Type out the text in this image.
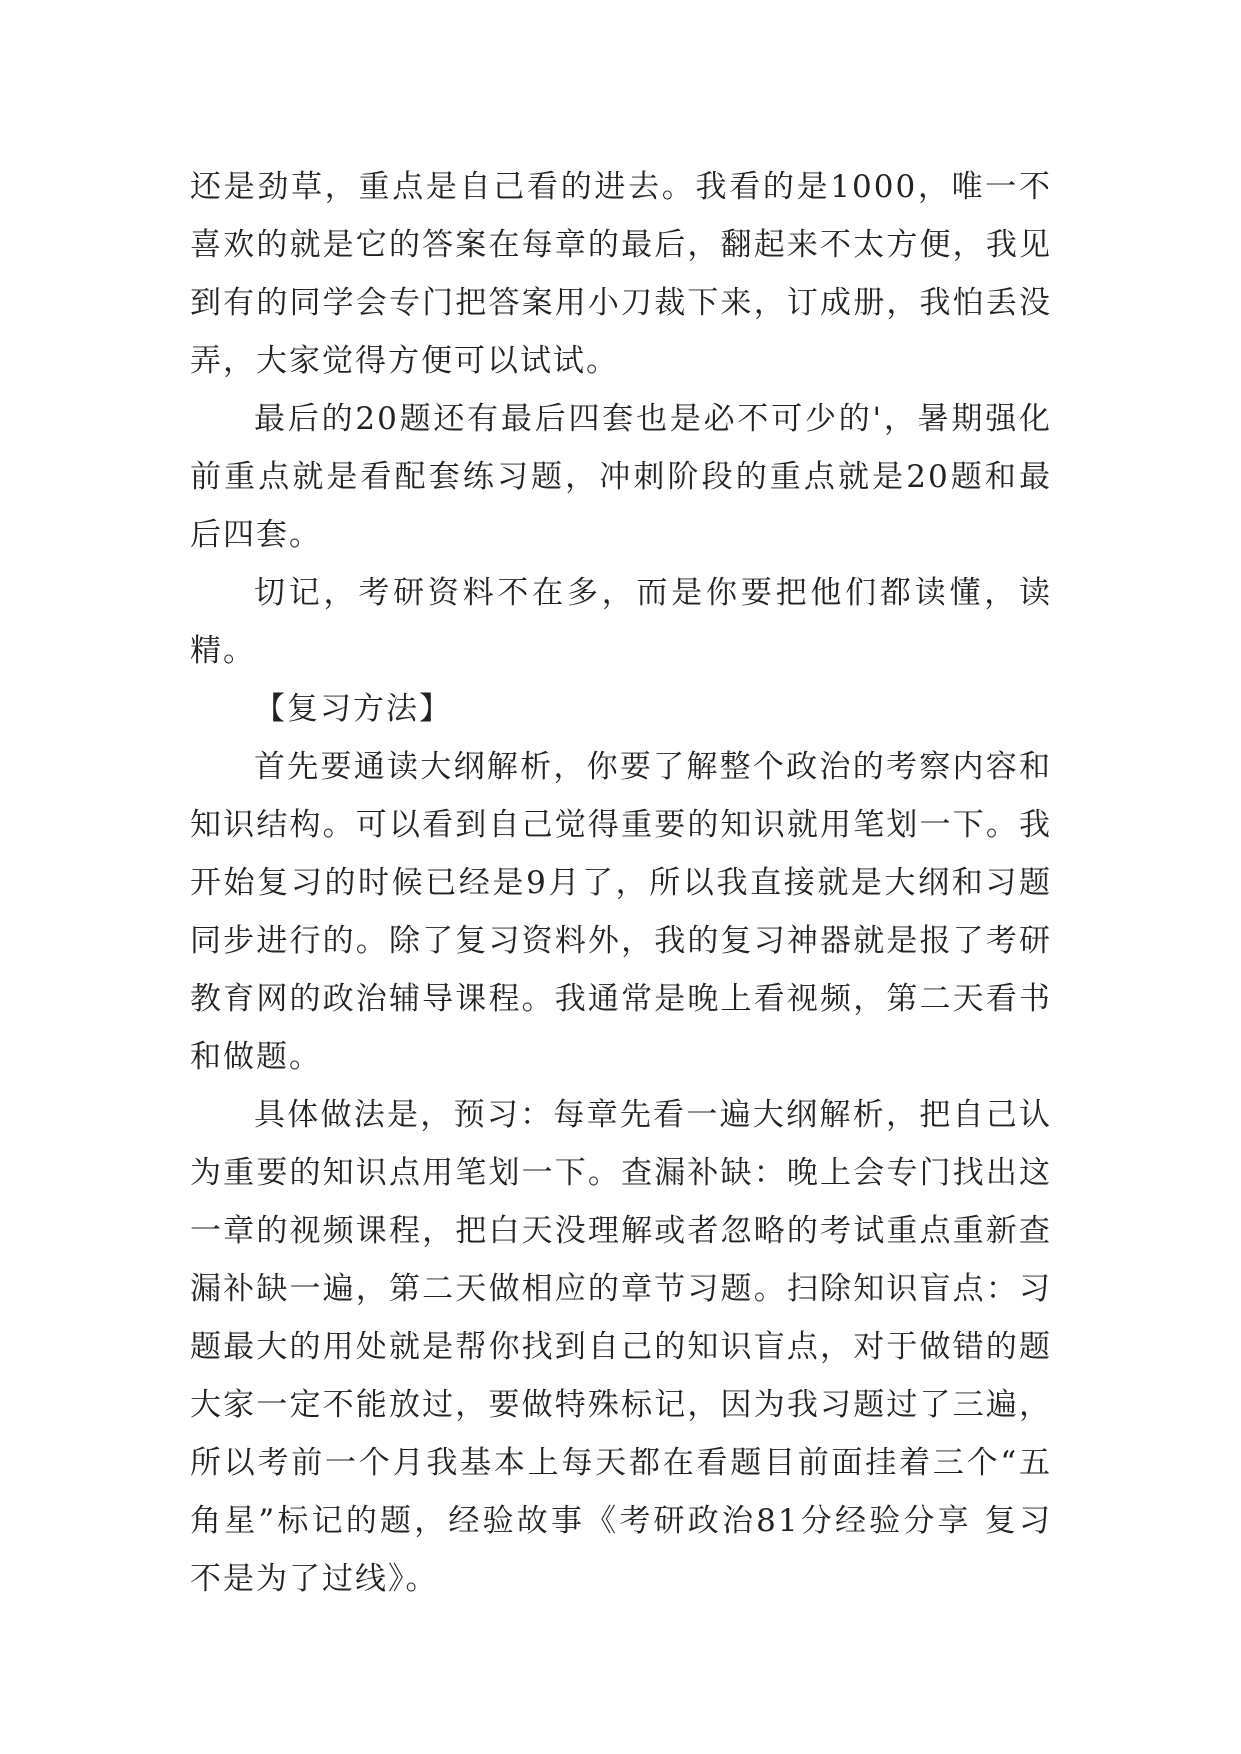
还是劲草，重点是自己看的进去。我看的是1000，唯一不喜欢的就是它的答案在每章的最后，翻起来不太方便，我见到有的同学会专门把答案用小刀裁下来，订成册，我怕丢没弄，大家觉得方便可以试试。

最后的20题还有最后四套也是必不可少的'，暑期强化前重点就是看配套练习题，冲刺阶段的重点就是20题和最后四套。

切记，考研资料不在多，而是你要把他们都读懂，读精。

【复习方法】

首先要通读大纲解析，你要了解整个政治的考察内容和知识结构。可以看到自己觉得重要的知识就用笔划一下。我开始复习的时候已经是9月了，所以我直接就是大纲和习题同步进行的。除了复习资料外，我的复习神器就是报了考研教育网的政治辅导课程。我通常是晚上看视频，第二天看书和做题。

具体做法是，预习：每章先看一遍大纲解析，把自己认为重要的知识点用笔划一下。查漏补缺：晚上会专门找出这一章的视频课程，把白天没理解或者忽略的考试重点重新查漏补缺一遍，第二天做相应的章节习题。扫除知识盲点：习题最大的用处就是帮你找到自己的知识盲点，对于做错的题大家一定不能放过，要做特殊标记，因为我习题过了三遍，所以考前一个月我基本上每天都在看题目前面挂着三个“五角星”标记的题，经验故事《考研政治81分经验分享 复习不是为了过线》。
